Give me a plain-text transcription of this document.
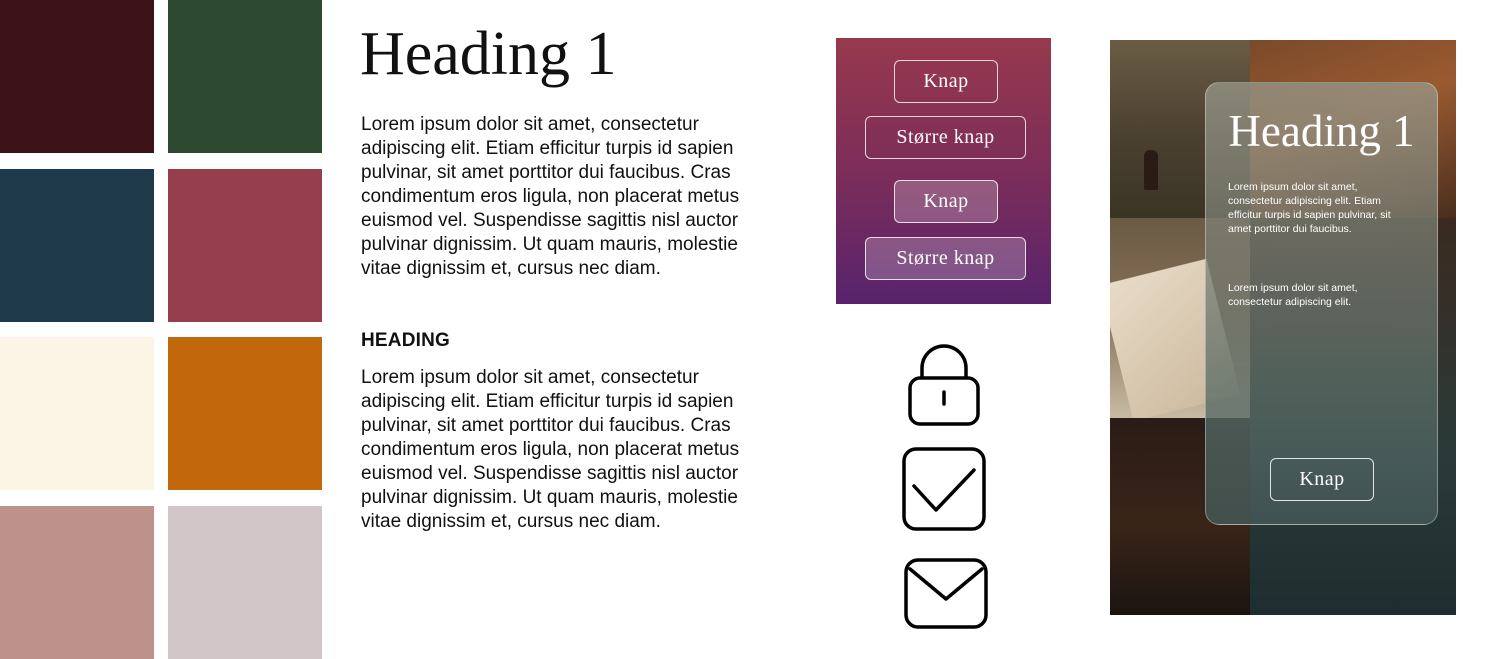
Heading 1

Lorem ipsum dolor sit amet, consectetur adipiscing elit. Etiam efficitur turpis id sapien pulvinar, sit amet porttitor dui faucibus. Cras condimentum eros ligula, non placerat metus euismod vel. Suspendisse sagittis nisl auctor pulvinar dignissim. Ut quam mauris, molestie vitae dignissim et, cursus nec diam.

HEADING

Lorem ipsum dolor sit amet, consectetur adipiscing elit. Etiam efficitur turpis id sapien pulvinar, sit amet porttitor dui faucibus. Cras condimentum eros ligula, non placerat metus euismod vel. Suspendisse sagittis nisl auctor pulvinar dignissim. Ut quam mauris, molestie vitae dignissim et, cursus nec diam.

Knap
Større knap
Knap
Større knap
Heading 1

Lorem ipsum dolor sit amet, consectetur adipiscing elit. Etiam efficitur turpis id sapien pulvinar, sit amet porttitor dui faucibus.

Lorem ipsum dolor sit amet, consectetur adipiscing elit.

Knap
